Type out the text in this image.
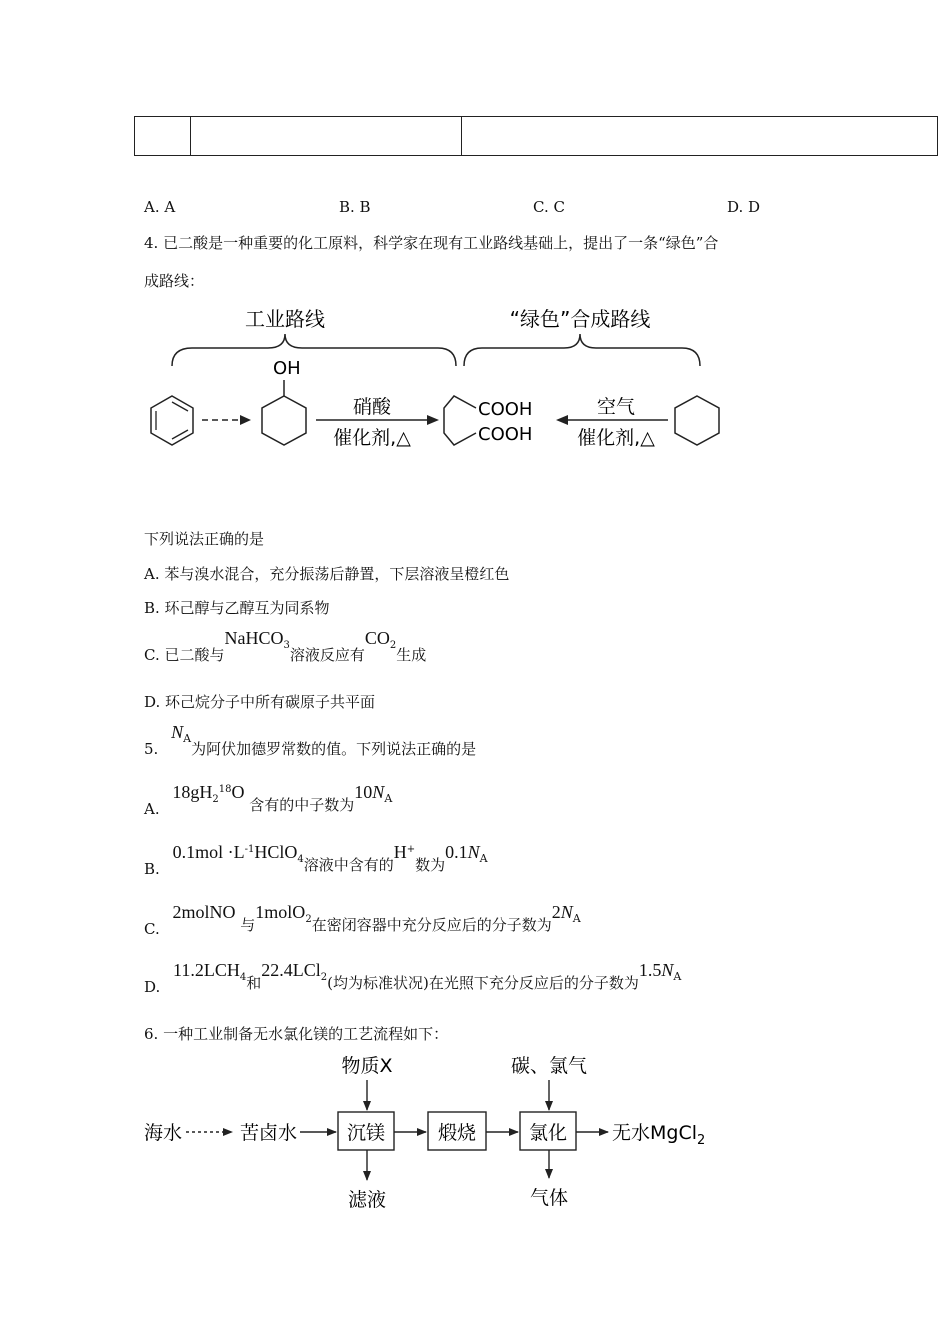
A. A	B. B	C. C	D. D
4. 已二酸是一种重要的化工原料，科学家在现有工业路线基础上，提出了一条“绿色”合
成路线：
工业路线	“绿色”合成路线
OH
硝酸
催化剂,△
COOH
COOH
空气
催化剂,△
下列说法正确的是
A. 苯与溴水混合，充分振荡后静置，下层溶液呈橙红色
B. 环己醇与乙醇互为同系物
C. 已二酸与NaHCO$_3$溶液反应有$CO_2$生成
D. 环己烷分子中所有碳原子共平面
5. $N_A$为阿伏加德罗常数的值。下列说法正确的是
A. $18gH_2^{18}O$ 含有的中子数为$10N_A$
B. $0.1mol \cdot L^{-1}HClO_4$溶液中含有的H+数为$0.1N_A$
C. 2molNO 与1molO$_2$在密闭容器中充分反应后的分子数为$2N_A$
D. $11.2LCH_4$和22.4LCl$_2$(均为标准状况)在光照下充分反应后的分子数为$1.5N_A$
6. 一种工业制备无水氯化镁的工艺流程如下：
物质X	碳、氯气
海水	苦卤水	沉镁
滤液
煅烧	氯化
气体
无水MgCl$_2$
